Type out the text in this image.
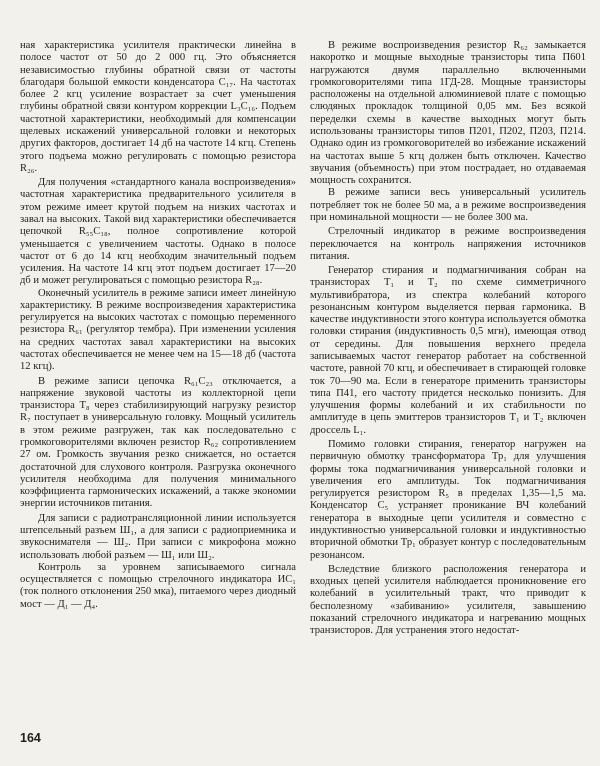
ная характеристика усилителя практически линейна в полосе частот от 50 до 2 000 гц. Это объясняется независимостью глубины обратной связи от частоты благодаря большой емкости конденсатора C₁₇. На частотах более 2 кгц усиление возрастает за счет уменьшения глубины обратной связи контуром коррекции L₃C₁₆. Подъем частотной характеристики, необходимый для компенсации щелевых искажений универсальной головки и некоторых других факторов, достигает 14 дб на частоте 14 кгц. Степень этого подъема можно регулировать с помощью резистора R₂₆.

Для получения «стандартного канала воспроизведения» частотная характеристика предварительного усилителя в этом режиме имеет крутой подъем на низких частотах и завал на высоких. Такой вид характеристики обеспечивается цепочкой R₅₅C₁₈, полное сопротивление которой уменьшается с увеличением частоты. Однако в полосе частот от 6 до 14 кгц необходим значительный подъем усиления. На частоте 14 кгц этот подъем достигает 17—20 дб и может регулироваться с помощью резистора R₂₈.

Оконечный усилитель в режиме записи имеет линейную характеристику. В режиме воспроизведения характеристика регулируется на высоких частотах с помощью переменного резистора R₆₁ (регулятор тембра). При изменении усиления на средних частотах завал характеристики на высоких частотах обеспечивается не менее чем на 15—18 дб (частота 12 кгц).

В режиме записи цепочка R₆₁C₂₃ отключается, а напряжение звуковой частоты из коллекторной цепи транзистора T₈ через стабилизирующий нагрузку резистор R₇ поступает в универсальную головку. Мощный усилитель в этом режиме разгружен, так как последовательно с громкоговорителями включен резистор R₆₂ сопротивлением 27 ом. Громкость звучания резко снижается, но остается достаточной для слухового контроля. Разгрузка оконечного усилителя необходима для получения минимального коэффициента гармонических искажений, а также экономии энергии источников питания.

Для записи с радиотрансляционной линии используется штепсельный разъем Ш₁, а для записи с радиоприемника и звукоснимателя — Ш₂. При записи с микрофона можно использовать любой разъем — Ш₁ или Ш₂.

Контроль за уровнем записываемого сигнала осуществляется с помощью стрелочного индикатора ИС₁ (ток полного отклонения 250 мка), питаемого через диодный мост — Д₁ — Д₄.

В режиме воспроизведения резистор R₆₂ замыкается накоротко и мощные выходные транзисторы типа П601 нагружаются двумя параллельно включенными громкоговорителями типа 1ГД-28. Мощные транзисторы расположены на отдельной алюминиевой плате с помощью слюдяных прокладок толщиной 0,05 мм. Без всякой переделки схемы в качестве выходных могут быть использованы транзисторы типов П201, П202, П203, П214. Однако один из громкоговорителей во избежание искажений на частотах выше 5 кгц должен быть отключен. Качество звучания (объемность) при этом пострадает, но отдаваемая мощность сохранится.

В режиме записи весь универсальный усилитель потребляет ток не более 50 ма, а в режиме воспроизведения при номинальной мощности — не более 300 ма.

Стрелочный индикатор в режиме воспроизведения переключается на контроль напряжения источников питания.

Генератор стирания и подмагничивания собран на транзисторах T₁ и T₂ по схеме симметричного мультивибратора, из спектра колебаний которого резонансным контуром выделяется первая гармоника. В качестве индуктивности этого контура используется обмотка головки стирания (индуктивность 0,5 мгн), имеющая отвод от середины. Для повышения верхнего предела записываемых частот генератор работает на собственной частоте, равной 70 кгц, и обеспечивает в стирающей головке ток 70—90 ма. Если в генераторе применить транзисторы типа П41, его частоту придется несколько понизить. Для улучшения формы колебаний и их стабильности по амплитуде в цепь эмиттеров транзисторов T₁ и T₂ включен дроссель L₁.

Помимо головки стирания, генератор нагружен на первичную обмотку трансформатора Тр₁ для улучшения формы тока подмагничивания универсальной головки и увеличения его амплитуды. Ток подмагничивания регулируется резистором R₅ в пределах 1,35—1,5 ма. Конденсатор C₅ устраняет проникание ВЧ колебаний генератора в выходные цепи усилителя и совместно с индуктивностью универсальной головки и индуктивностью вторичной обмотки Тр₁ образует контур с последовательным резонансом.

Вследствие близкого расположения генератора и входных цепей усилителя наблюдается проникновение его колебаний в усилительный тракт, что приводит к бесполезному «забиванию» усилителя, завышению показаний стрелочного индикатора и нагреванию мощных транзисторов. Для устранения этого недостат-

164
